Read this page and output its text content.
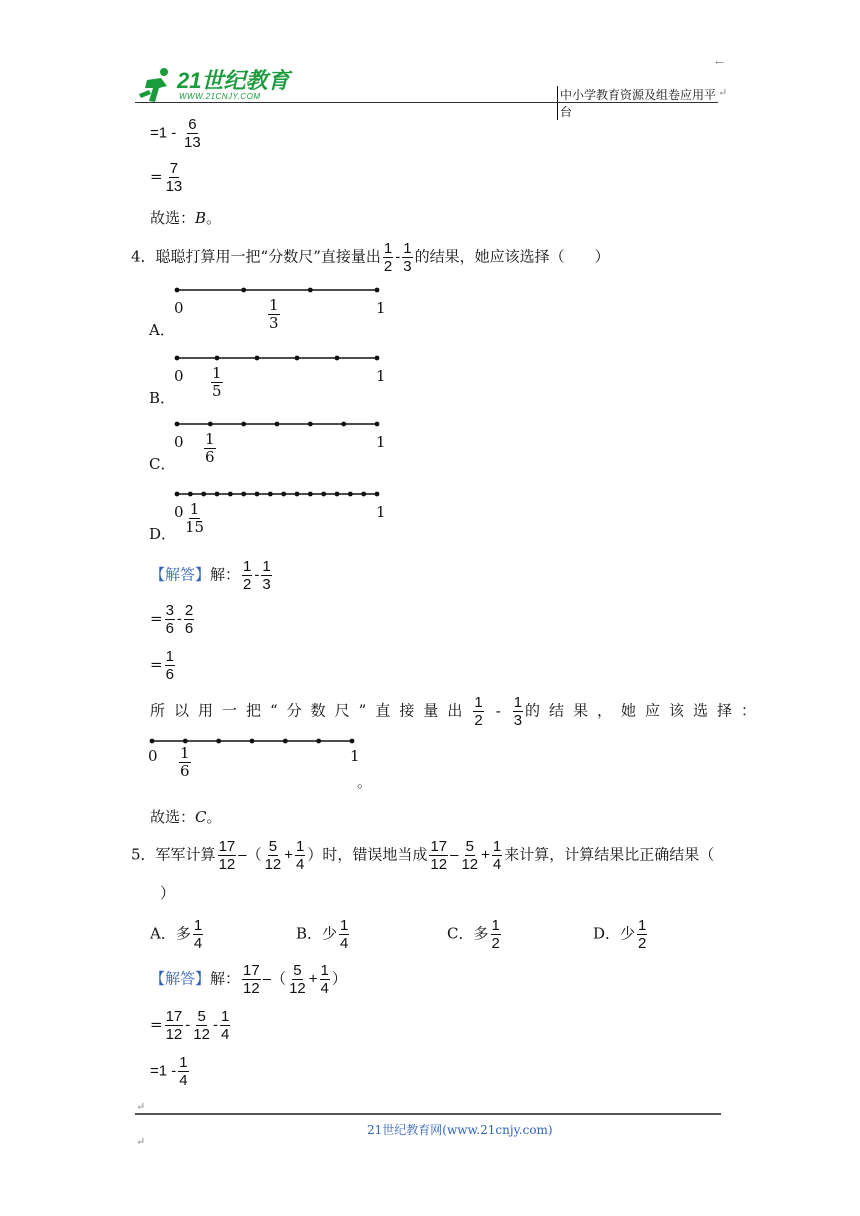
21世纪教育
WWW.21CNJY.COM	中小学教育资源及组卷应用平台
↵
←
$=1 - \frac{6}{13}$
= $\frac{7}{13}$
故选：B。
4．聪聪打算用一把“分数尺”直接量出 $\frac{1}{2} - \frac{1}{3}$ 的结果，她应该选择（　　）
0	1
A．	$\frac{1}{3}$
0	1
B． $\frac{1}{5}$
0	1
C． $\frac{1}{6}$
0	1
D． $\frac{1}{15}$
【解答】解： $\frac{1}{2} - \frac{1}{3}$
= $\frac{3}{6} - \frac{2}{6}$
= $\frac{1}{6}$
所以用一把“分数尺”直接量出 $\frac{1}{2} - \frac{1}{3}$ 的结果，她应该选择：
0	1
$\frac{1}{6}$
。
故选：C。
5．军军计算 $\frac{17}{12}$ –（ $\frac{5}{12} + \frac{1}{4}$ ）时，错误地当成 $\frac{17}{12} - \frac{5}{12} + \frac{1}{4}$ 来计算，计算结果比正确结果（
）
A．多 $\frac{1}{4}$	B．少 $\frac{1}{4}$	C．多 $\frac{1}{2}$	D．少 $\frac{1}{2}$
【解答】解： $\frac{17}{12}$ –（ $\frac{5}{12} + \frac{1}{4}$ ）
= $\frac{17}{12} - \frac{5}{12} - \frac{1}{4}$
$=1 - \frac{1}{4}$
↵
21世纪教育网(www.21cnjy.com)
↵
